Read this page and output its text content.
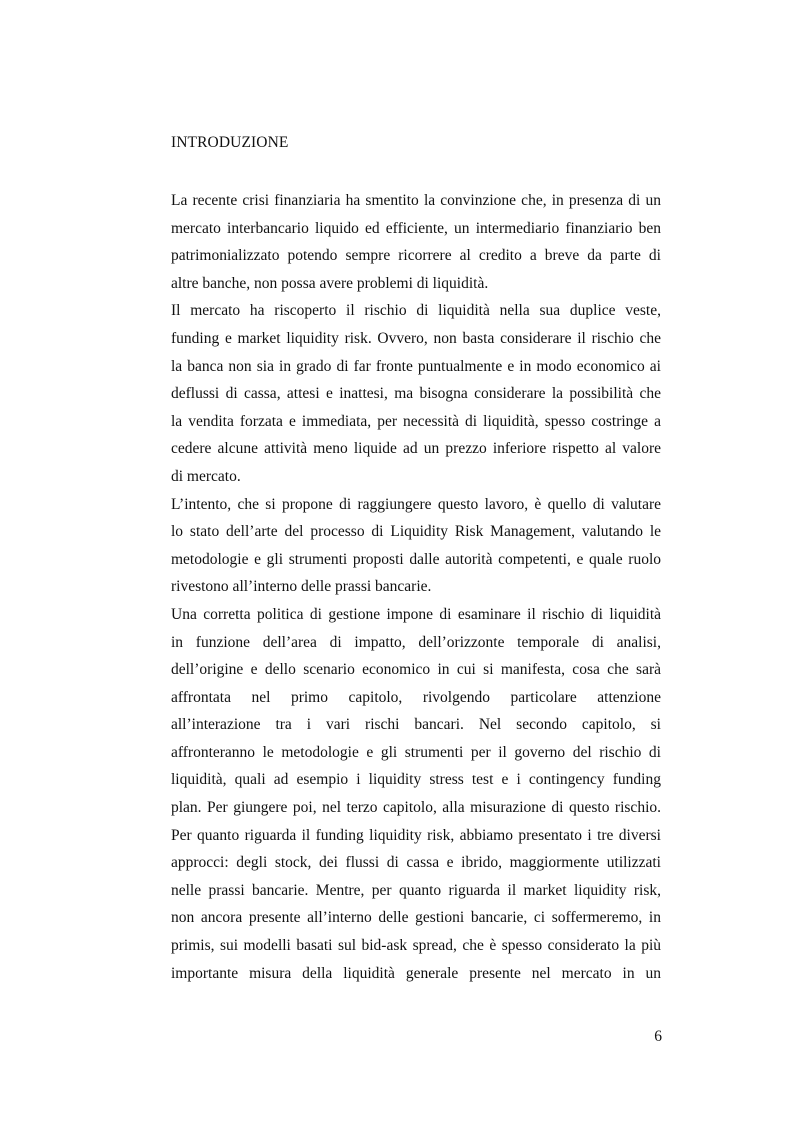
INTRODUZIONE
La recente crisi finanziaria ha smentito la convinzione che, in presenza di un
mercato interbancario liquido ed efficiente, un intermediario finanziario ben
patrimonializzato potendo sempre ricorrere al credito a breve da parte di
altre banche, non possa avere problemi di liquidità.
Il mercato ha riscoperto il rischio di liquidità nella sua duplice veste,
funding e market liquidity risk. Ovvero, non basta considerare il rischio che
la banca non sia in grado di far fronte puntualmente e in modo economico ai
deflussi di cassa, attesi e inattesi, ma bisogna considerare la possibilità che
la vendita forzata e immediata, per necessità di liquidità, spesso costringe a
cedere alcune attività meno liquide ad un prezzo inferiore rispetto al valore
di mercato.
L’intento, che si propone di raggiungere questo lavoro, è quello di valutare
lo stato dell’arte del processo di Liquidity Risk Management, valutando le
metodologie e gli strumenti proposti dalle autorità competenti, e quale ruolo
rivestono all’interno delle prassi bancarie.
Una corretta politica di gestione impone di esaminare il rischio di liquidità
in funzione dell’area di impatto, dell’orizzonte temporale di analisi,
dell’origine e dello scenario economico in cui si manifesta, cosa che sarà
affrontata nel primo capitolo, rivolgendo particolare attenzione
all’interazione tra i vari rischi bancari. Nel secondo capitolo, si
affronteranno le metodologie e gli strumenti per il governo del rischio di
liquidità, quali ad esempio i liquidity stress test e i contingency funding
plan. Per giungere poi, nel terzo capitolo, alla misurazione di questo rischio.
Per quanto riguarda il funding liquidity risk, abbiamo presentato i tre diversi
approcci: degli stock, dei flussi di cassa e ibrido, maggiormente utilizzati
nelle prassi bancarie. Mentre, per quanto riguarda il market liquidity risk,
non ancora presente all’interno delle gestioni bancarie, ci soffermeremo, in
primis, sui modelli basati sul bid-ask spread, che è spesso considerato la più
importante misura della liquidità generale presente nel mercato in un
6
